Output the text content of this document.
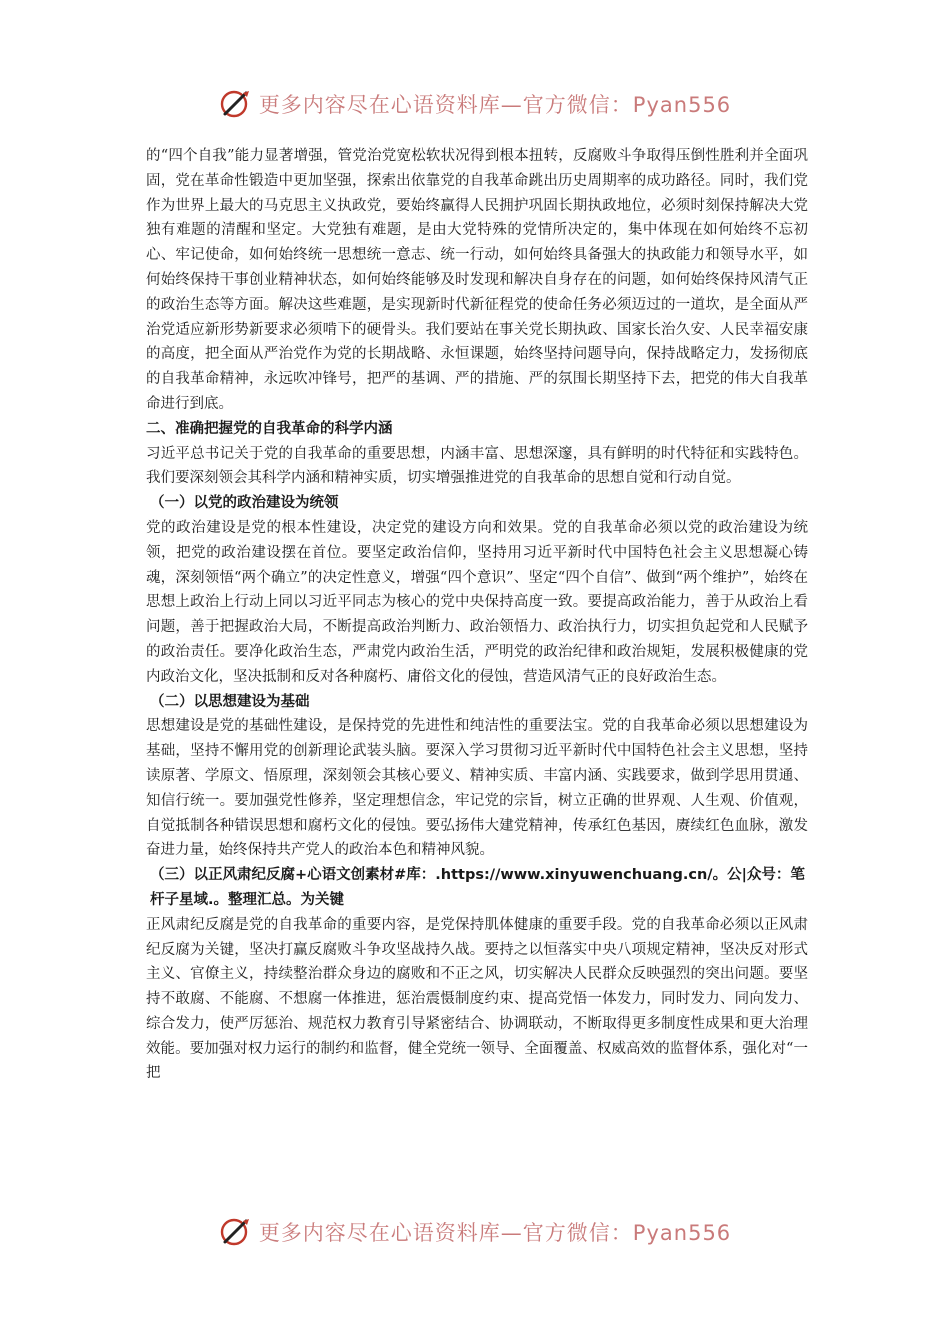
更多内容尽在心语资料库—官方微信：Pyan556

的“四个自我”能力显著增强，管党治党宽松软状况得到根本扭转，反腐败斗争取得压倒性胜利并全面巩固，党在革命性锻造中更加坚强，探索出依靠党的自我革命跳出历史周期率的成功路径。同时，我们党作为世界上最大的马克思主义执政党，要始终赢得人民拥护巩固长期执政地位，必须时刻保持解决大党独有难题的清醒和坚定。大党独有难题，是由大党特殊的党情所决定的，集中体现在如何始终不忘初心、牢记使命，如何始终统一思想统一意志、统一行动，如何始终具备强大的执政能力和领导水平，如何始终保持干事创业精神状态，如何始终能够及时发现和解决自身存在的问题，如何始终保持风清气正的政治生态等方面。解决这些难题，是实现新时代新征程党的使命任务必须迈过的一道坎，是全面从严治党适应新形势新要求必须啃下的硬骨头。我们要站在事关党长期执政、国家长治久安、人民幸福安康的高度，把全面从严治党作为党的长期战略、永恒课题，始终坚持问题导向，保持战略定力，发扬彻底的自我革命精神，永远吹冲锋号，把严的基调、严的措施、严的氛围长期坚持下去，把党的伟大自我革命进行到底。

二、准确把握党的自我革命的科学内涵

习近平总书记关于党的自我革命的重要思想，内涵丰富、思想深邃，具有鲜明的时代特征和实践特色。我们要深刻领会其科学内涵和精神实质，切实增强推进党的自我革命的思想自觉和行动自觉。

（一）以党的政治建设为统领

党的政治建设是党的根本性建设，决定党的建设方向和效果。党的自我革命必须以党的政治建设为统领，把党的政治建设摆在首位。要坚定政治信仰，坚持用习近平新时代中国特色社会主义思想凝心铸魂，深刻领悟“两个确立”的决定性意义，增强“四个意识”、坚定“四个自信”、做到“两个维护”，始终在思想上政治上行动上同以习近平同志为核心的党中央保持高度一致。要提高政治能力，善于从政治上看问题，善于把握政治大局，不断提高政治判断力、政治领悟力、政治执行力，切实担负起党和人民赋予的政治责任。要净化政治生态，严肃党内政治生活，严明党的政治纪律和政治规矩，发展积极健康的党内政治文化，坚决抵制和反对各种腐朽、庸俗文化的侵蚀，营造风清气正的良好政治生态。

（二）以思想建设为基础

思想建设是党的基础性建设，是保持党的先进性和纯洁性的重要法宝。党的自我革命必须以思想建设为基础，坚持不懈用党的创新理论武装头脑。要深入学习贯彻习近平新时代中国特色社会主义思想，坚持读原著、学原文、悟原理，深刻领会其核心要义、精神实质、丰富内涵、实践要求，做到学思用贯通、知信行统一。要加强党性修养，坚定理想信念，牢记党的宗旨，树立正确的世界观、人生观、价值观，自觉抵制各种错误思想和腐朽文化的侵蚀。要弘扬伟大建党精神，传承红色基因，赓续红色血脉，激发奋进力量，始终保持共产党人的政治本色和精神风貌。

（三）以正风肃纪反腐+心语文创素材#库：.https://www.xinyuwenchuang.cn/。公|众号：笔杆子星域.。整理汇总。为关键

正风肃纪反腐是党的自我革命的重要内容，是党保持肌体健康的重要手段。党的自我革命必须以正风肃纪反腐为关键，坚决打赢反腐败斗争攻坚战持久战。要持之以恒落实中央八项规定精神，坚决反对形式主义、官僚主义，持续整治群众身边的腐败和不正之风，切实解决人民群众反映强烈的突出问题。要坚持不敢腐、不能腐、不想腐一体推进，惩治震慑制度约束、提高党悟一体发力，同时发力、同向发力、综合发力，使严厉惩治、规范权力教育引导紧密结合、协调联动，不断取得更多制度性成果和更大治理效能。要加强对权力运行的制约和监督，健全党统一领导、全面覆盖、权威高效的监督体系，强化对“一把

更多内容尽在心语资料库—官方微信：Pyan556
